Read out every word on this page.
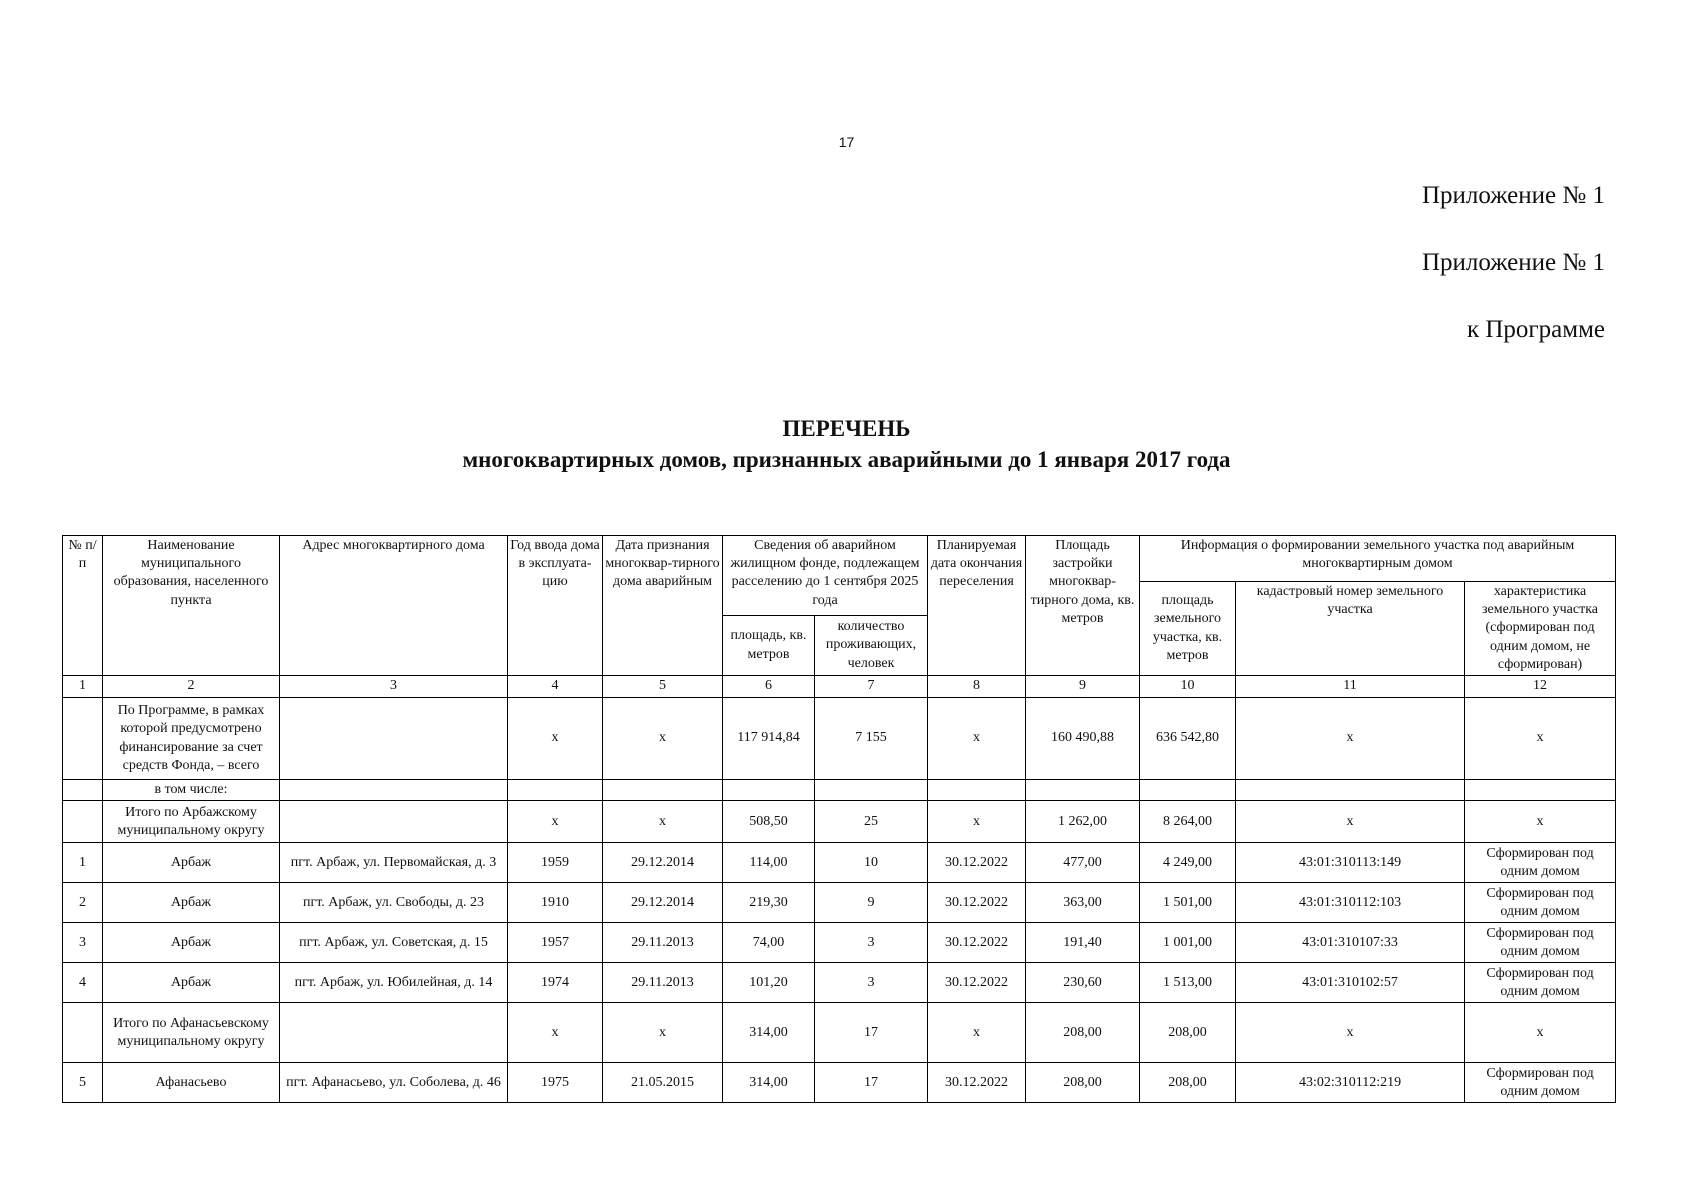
17
Приложение № 1
Приложение № 1
к Программе
ПЕРЕЧЕНЬ
многоквартирных домов, признанных аварийными до 1 января 2017 года
№ п/п	Наименование муниципального образования, населенного пункта	Адрес многоквартирного дома	Год ввода дома в эксплуата-цию	Дата признания многоквар-тирного дома аварийным	Сведения об аварийном жилищном фонде, подлежащем расселению до 1 сентября 2025 года		Планируемая дата окончания переселения	Площадь застройки многоквар-тирного дома, кв. метров	Информация о формировании земельного участка под аварийным многоквартирным домом		
									площадь земельного участка, кв. метров	кадастровый номер земельного участка	характеристика земельного участка (сформирован под одним домом, не сформирован)
					площадь, кв. метров	количество проживающих, человек					
1	2	3	4	5	6	7	8	9	10	11	12
	По Программе, в рамках которой предусмотрено финансирование за счет средств Фонда, – всего		х	х	117 914,84	7 155	х	160 490,88	636 542,80	х	х
	в том числе:										
	Итого по Арбажскому муниципальному округу		х	х	508,50	25	х	1 262,00	8 264,00	х	х
1	Арбаж	пгт. Арбаж, ул. Первомайская, д. 3	1959	29.12.2014	114,00	10	30.12.2022	477,00	4 249,00	43:01:310113:149	Сформирован под одним домом
2	Арбаж	пгт. Арбаж, ул. Свободы, д. 23	1910	29.12.2014	219,30	9	30.12.2022	363,00	1 501,00	43:01:310112:103	Сформирован под одним домом
3	Арбаж	пгт. Арбаж, ул. Советская, д. 15	1957	29.11.2013	74,00	3	30.12.2022	191,40	1 001,00	43:01:310107:33	Сформирован под одним домом
4	Арбаж	пгт. Арбаж, ул. Юбилейная, д. 14	1974	29.11.2013	101,20	3	30.12.2022	230,60	1 513,00	43:01:310102:57	Сформирован под одним домом
	Итого по Афанасьевскому муниципальному округу		х	х	314,00	17	х	208,00	208,00	х	х
5	Афанасьево	пгт. Афанасьево, ул. Соболева, д. 46	1975	21.05.2015	314,00	17	30.12.2022	208,00	208,00	43:02:310112:219	Сформирован под одним домом
